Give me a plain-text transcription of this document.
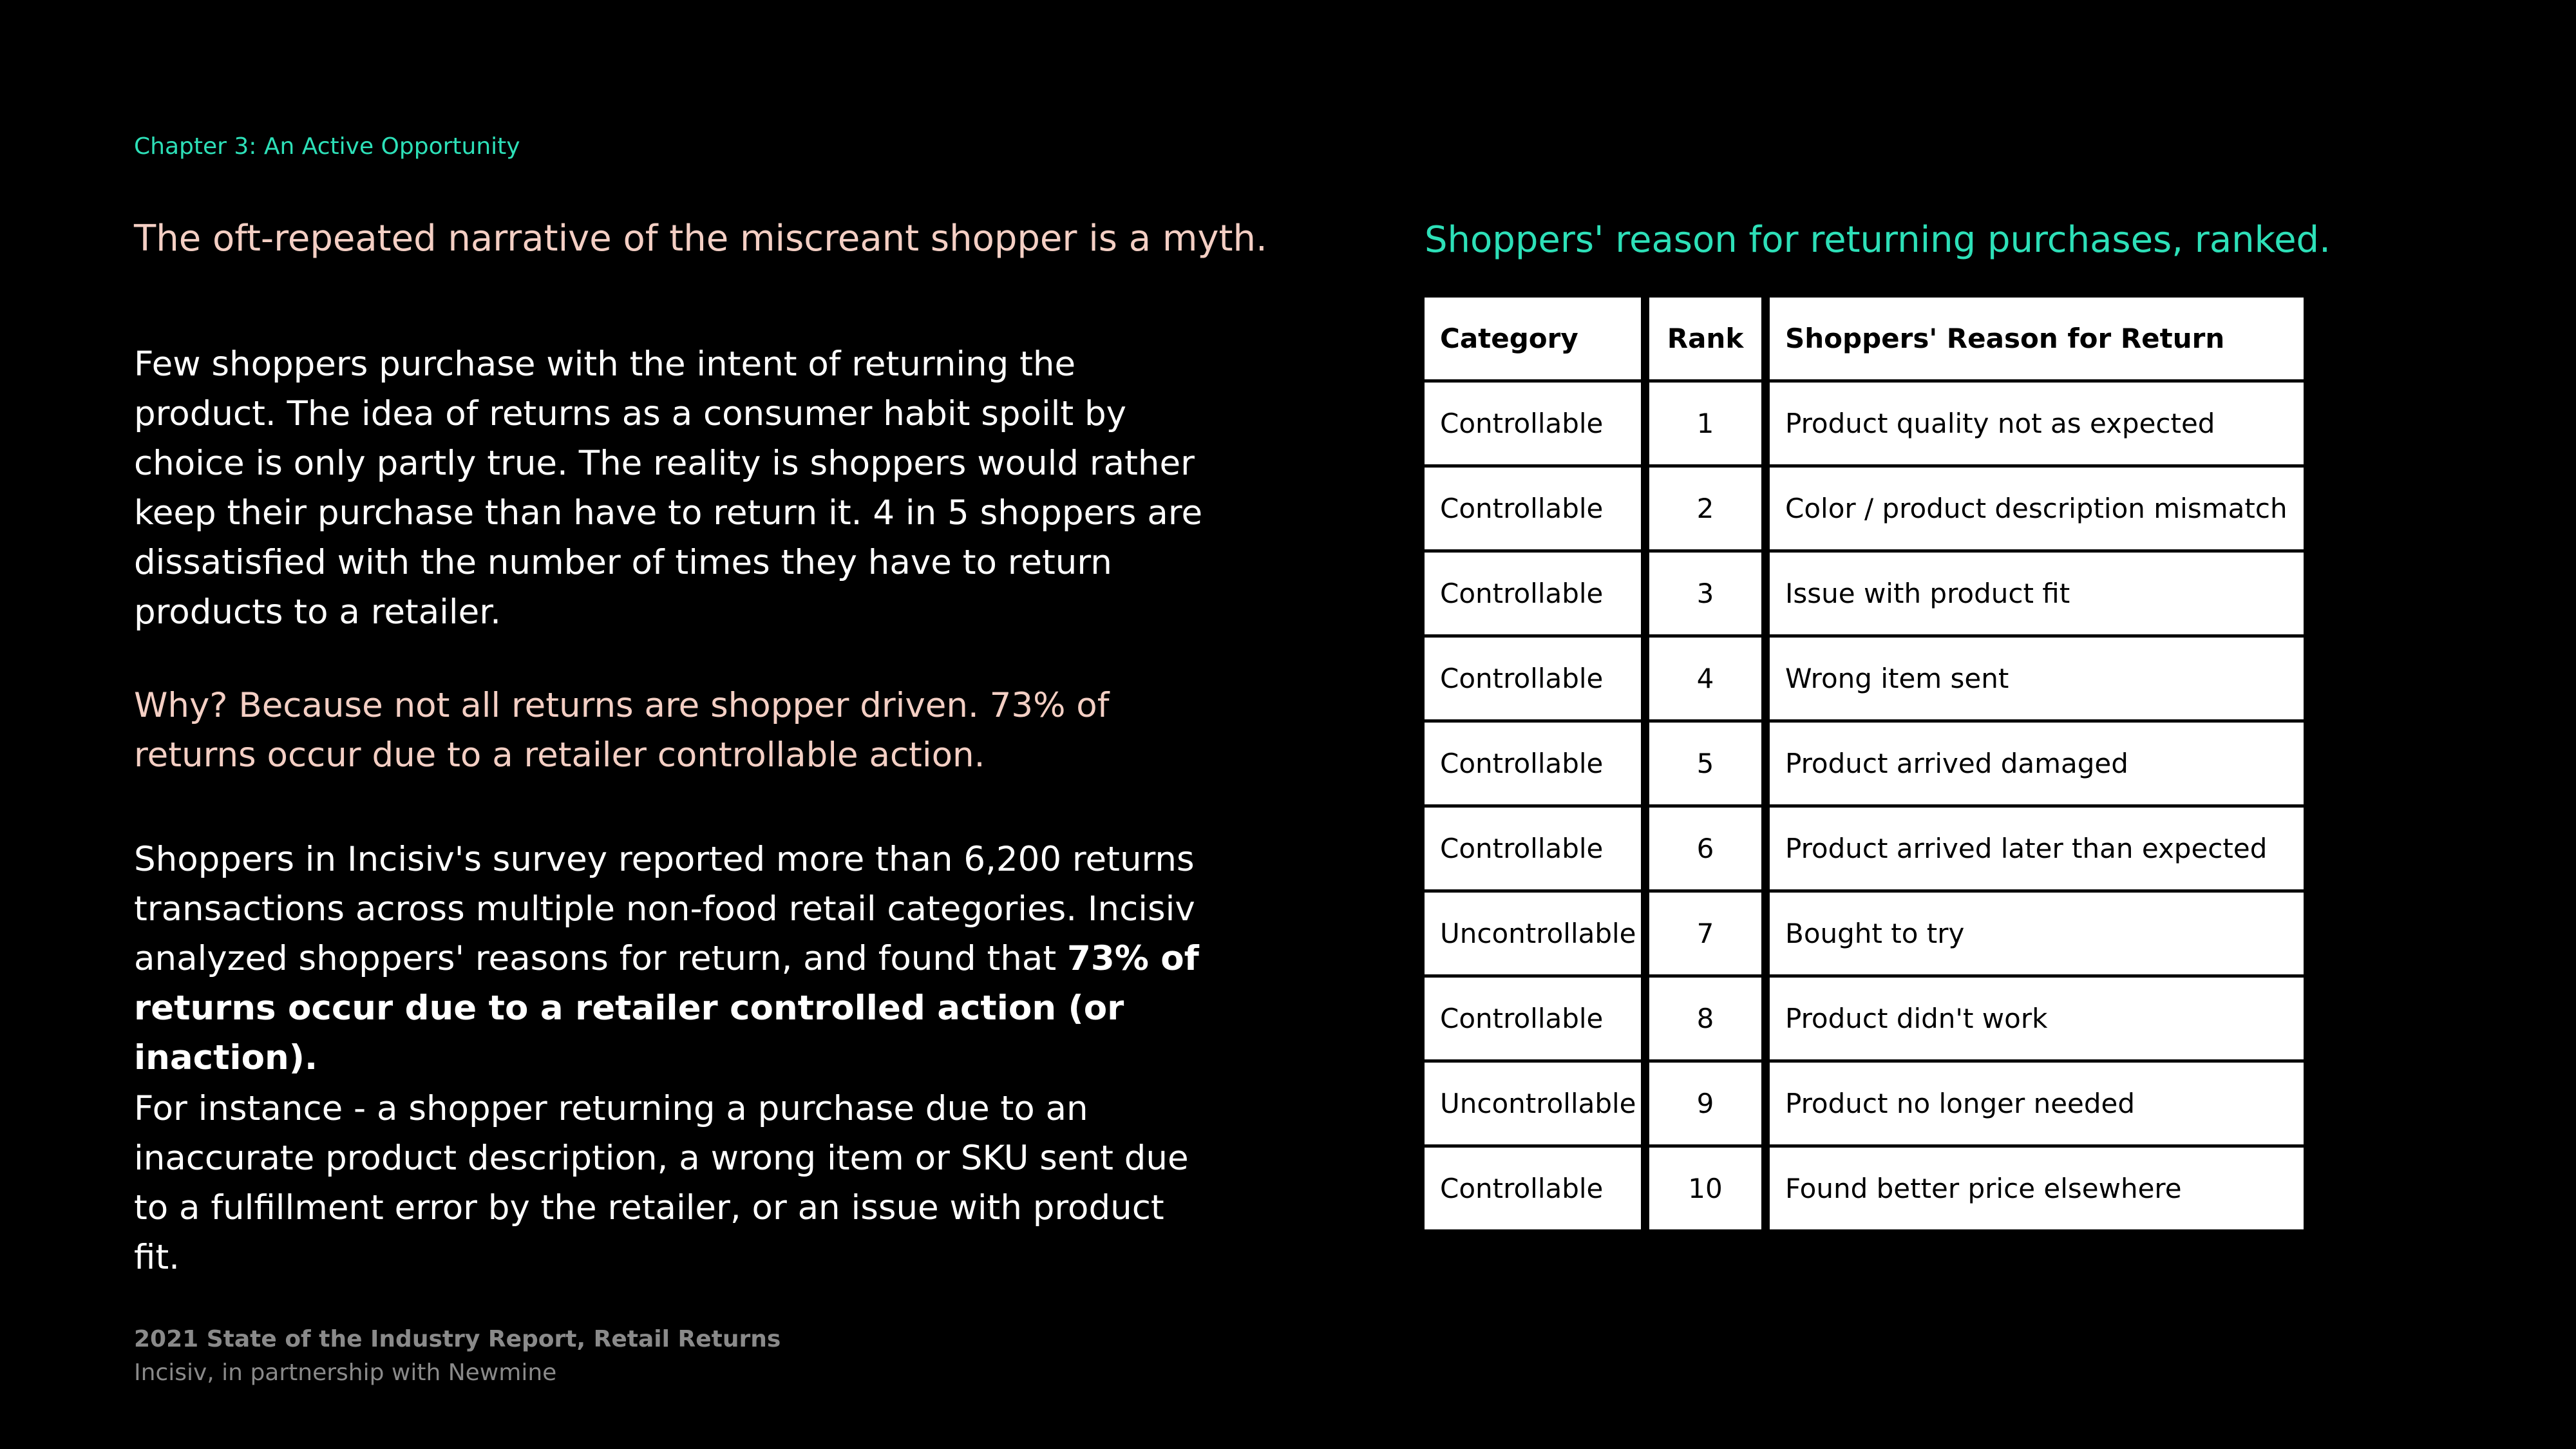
Chapter 3: An Active Opportunity
The oft-repeated narrative of the miscreant shopper is a myth.

Few shoppers purchase with the intent of returning the product. The idea of returns as a consumer habit spoilt by choice is only partly true. The reality is shoppers would rather keep their purchase than have to return it. 4 in 5 shoppers are dissatisfied with the number of times they have to return products to a retailer.

Why? Because not all returns are shopper driven. 73% of returns occur due to a retailer controllable action.

Shoppers in Incisiv's survey reported more than 6,200 returns transactions across multiple non-food retail categories. Incisiv analyzed shoppers' reasons for return, and found that 73% of returns occur due to a retailer controlled action (or inaction).

For instance - a shopper returning a purchase due to an inaccurate product description, a wrong item or SKU sent due to a fulfillment error by the retailer, or an issue with product fit.

2021 State of the Industry Report, Retail Returns
Incisiv, in partnership with Newmine
Shoppers' reason for returning purchases, ranked.
Category	Rank	Shoppers' Reason for Return
Controllable	1	Product quality not as expected
Controllable	2	Color / product description mismatch
Controllable	3	Issue with product fit
Controllable	4	Wrong item sent
Controllable	5	Product arrived damaged
Controllable	6	Product arrived later than expected
Uncontrollable	7	Bought to try
Controllable	8	Product didn't work
Uncontrollable	9	Product no longer needed
Controllable	10	Found better price elsewhere
